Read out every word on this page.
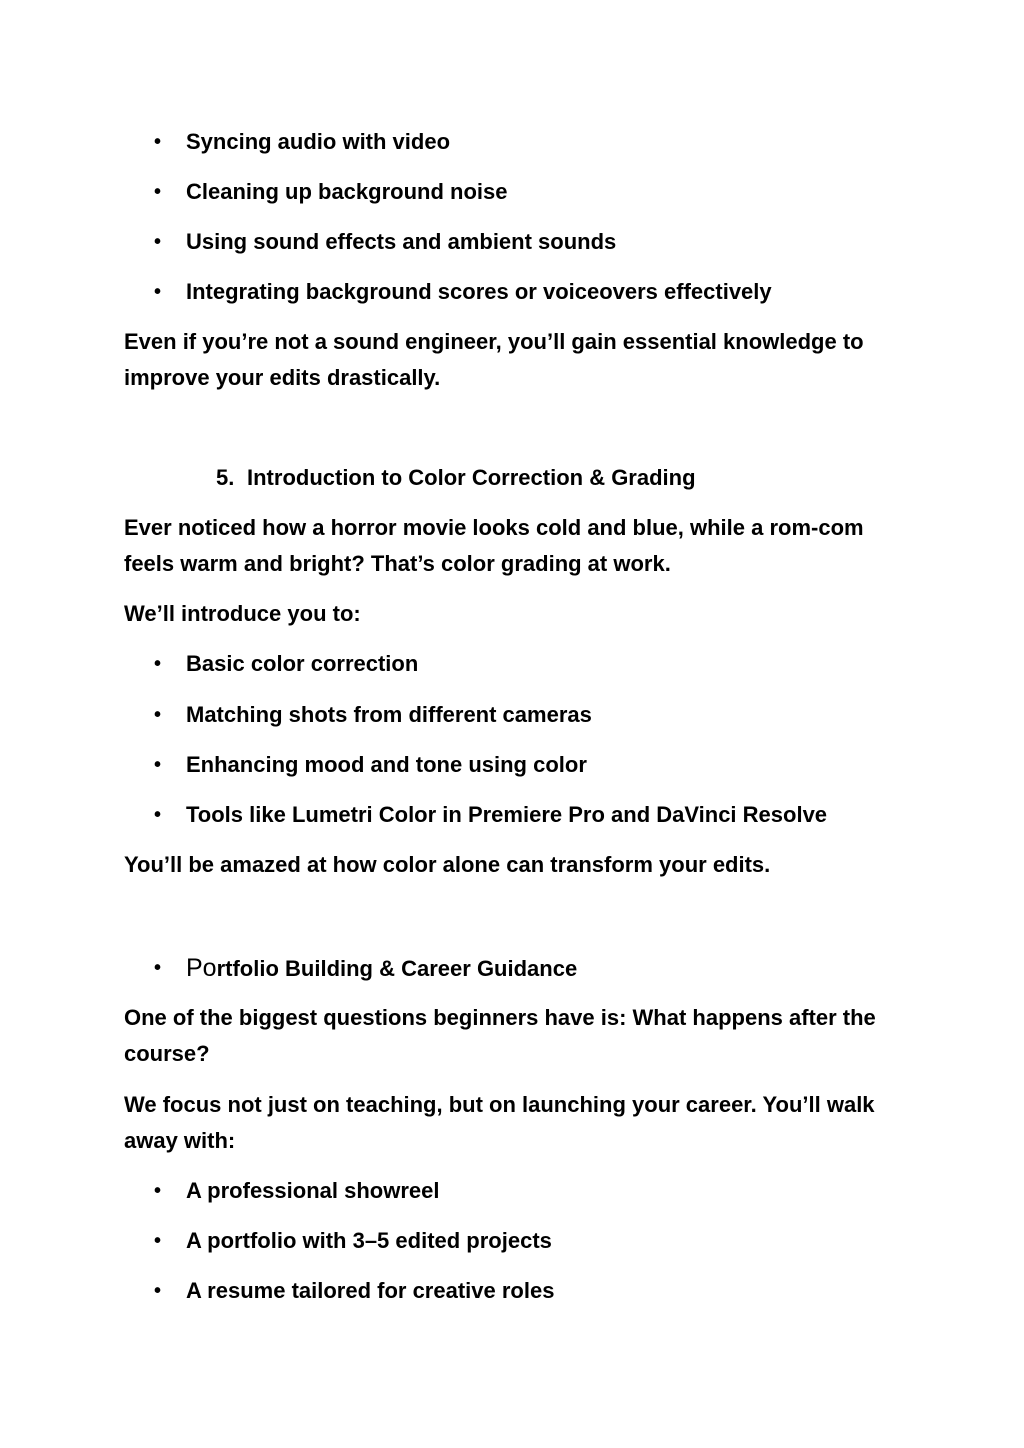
• Syncing audio with video
• Cleaning up background noise
• Using sound effects and ambient sounds
• Integrating background scores or voiceovers effectively
Even if you’re not a sound engineer, you’ll gain essential knowledge to improve your edits drastically.
5. Introduction to Color Correction & Grading
Ever noticed how a horror movie looks cold and blue, while a rom-com feels warm and bright? That’s color grading at work.
We’ll introduce you to:
• Basic color correction
• Matching shots from different cameras
• Enhancing mood and tone using color
• Tools like Lumetri Color in Premiere Pro and DaVinci Resolve
You’ll be amazed at how color alone can transform your edits.
• Portfolio Building & Career Guidance
One of the biggest questions beginners have is: What happens after the course?
We focus not just on teaching, but on launching your career. You’ll walk away with:
• A professional showreel
• A portfolio with 3–5 edited projects
• A resume tailored for creative roles
